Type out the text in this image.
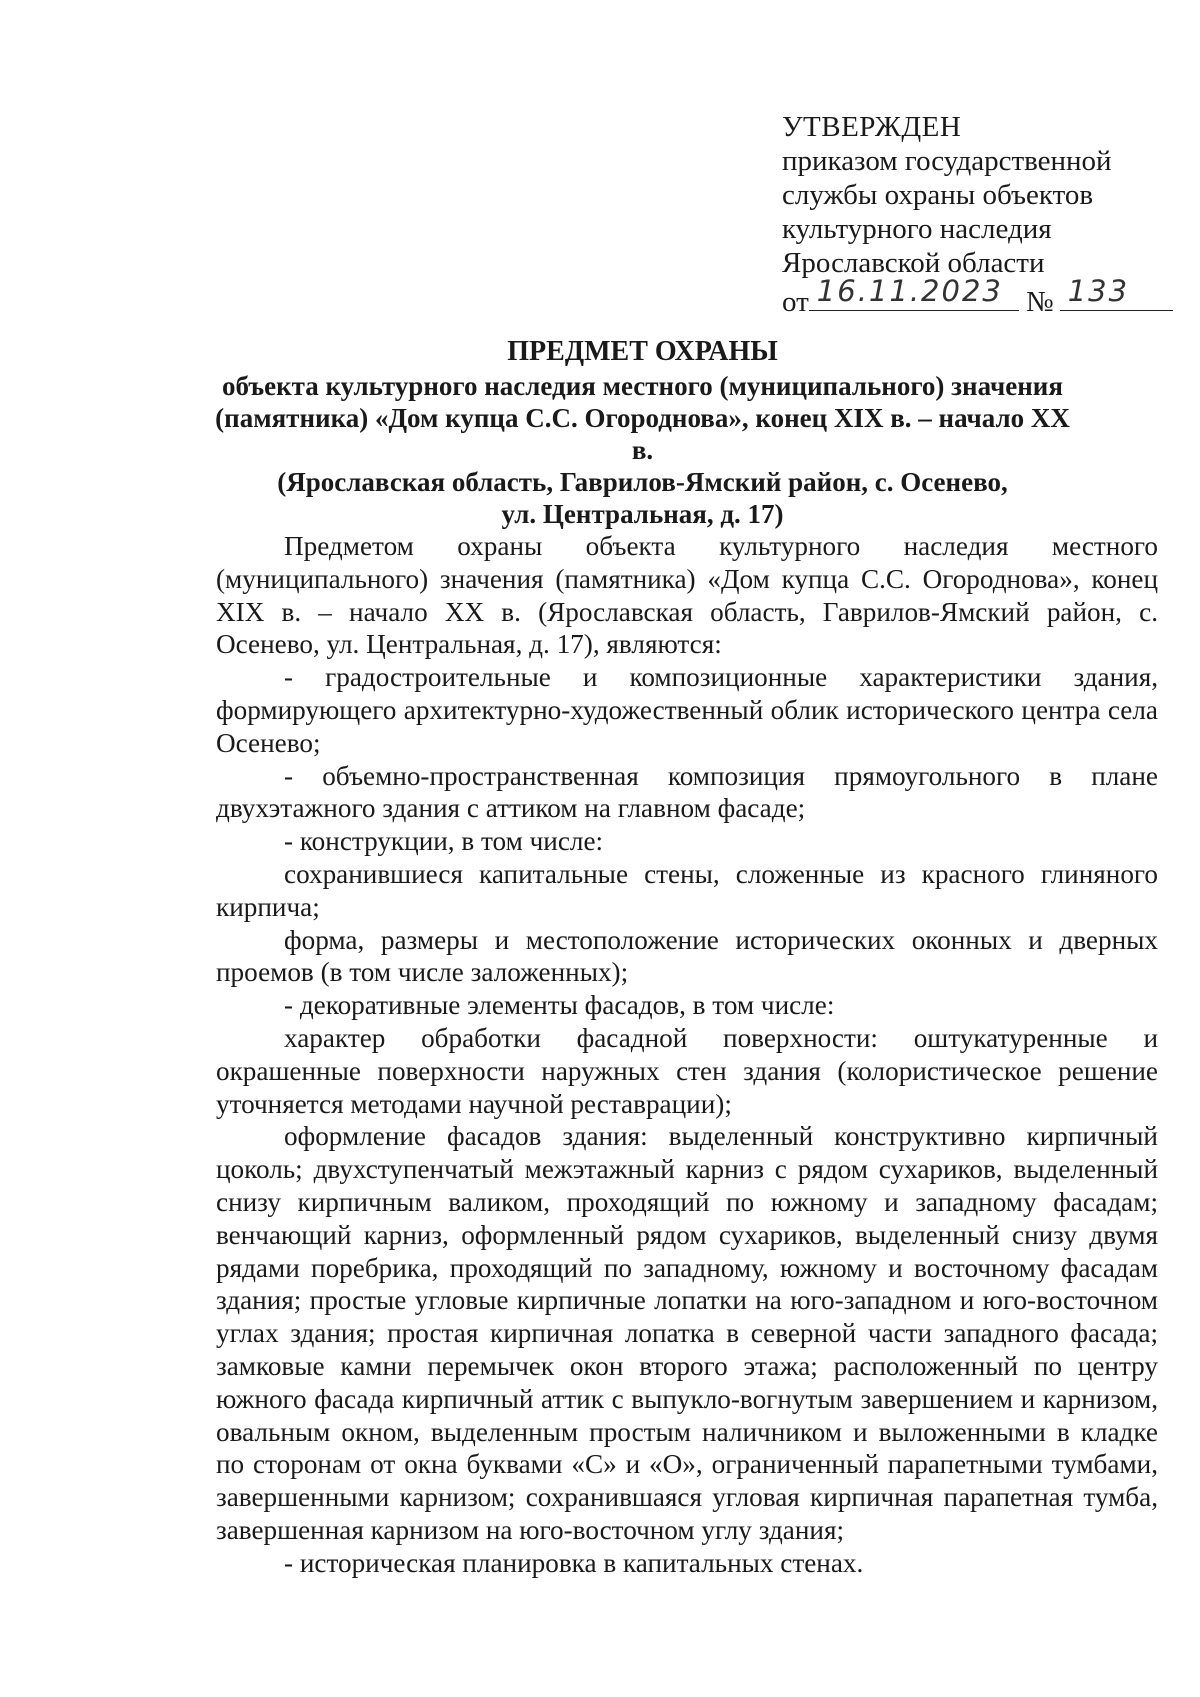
УТВЕРЖДЕН
приказом государственной
службы охраны объектов
культурного наследия
Ярославской области
от 16.11.2023 № 133
ПРЕДМЕТ ОХРАНЫ
объекта культурного наследия местного (муниципального) значения
(памятника) «Дом купца С.С. Огороднова», конец XIX в. – начало XX в.
(Ярославская область, Гаврилов-Ямский район, с. Осенево,
ул. Центральная, д. 17)

Предметом охраны объекта культурного наследия местного (муниципального) значения (памятника) «Дом купца С.С. Огороднова», конец XIX в. – начало XX в. (Ярославская область, Гаврилов-Ямский район, с. Осенево, ул. Центральная, д. 17), являются:

- градостроительные и композиционные характеристики здания, формирующего архитектурно-художественный облик исторического центра села Осенево;

- объемно-пространственная композиция прямоугольного в плане двухэтажного здания с аттиком на главном фасаде;

- конструкции, в том числе:

сохранившиеся капитальные стены, сложенные из красного глиняного кирпича;

форма, размеры и местоположение исторических оконных и дверных проемов (в том числе заложенных);

- декоративные элементы фасадов, в том числе:

характер обработки фасадной поверхности: оштукатуренные и окрашенные поверхности наружных стен здания (колористическое решение уточняется методами научной реставрации);

оформление фасадов здания: выделенный конструктивно кирпичный цоколь; двухступенчатый межэтажный карниз с рядом сухариков, выделенный снизу кирпичным валиком, проходящий по южному и западному фасадам; венчающий карниз, оформленный рядом сухариков, выделенный снизу двумя рядами поребрика, проходящий по западному, южному и восточному фасадам здания; простые угловые кирпичные лопатки на юго-западном и юго-восточном углах здания; простая кирпичная лопатка в северной части западного фасада; замковые камни перемычек окон второго этажа; расположенный по центру южного фасада кирпичный аттик с выпукло-вогнутым завершением и карнизом, овальным окном, выделенным простым наличником и выложенными в кладке по сторонам от окна буквами «С» и «О», ограниченный парапетными тумбами, завершенными карнизом; сохранившаяся угловая кирпичная парапетная тумба, завершенная карнизом на юго-восточном углу здания;

- историческая планировка в капитальных стенах.
